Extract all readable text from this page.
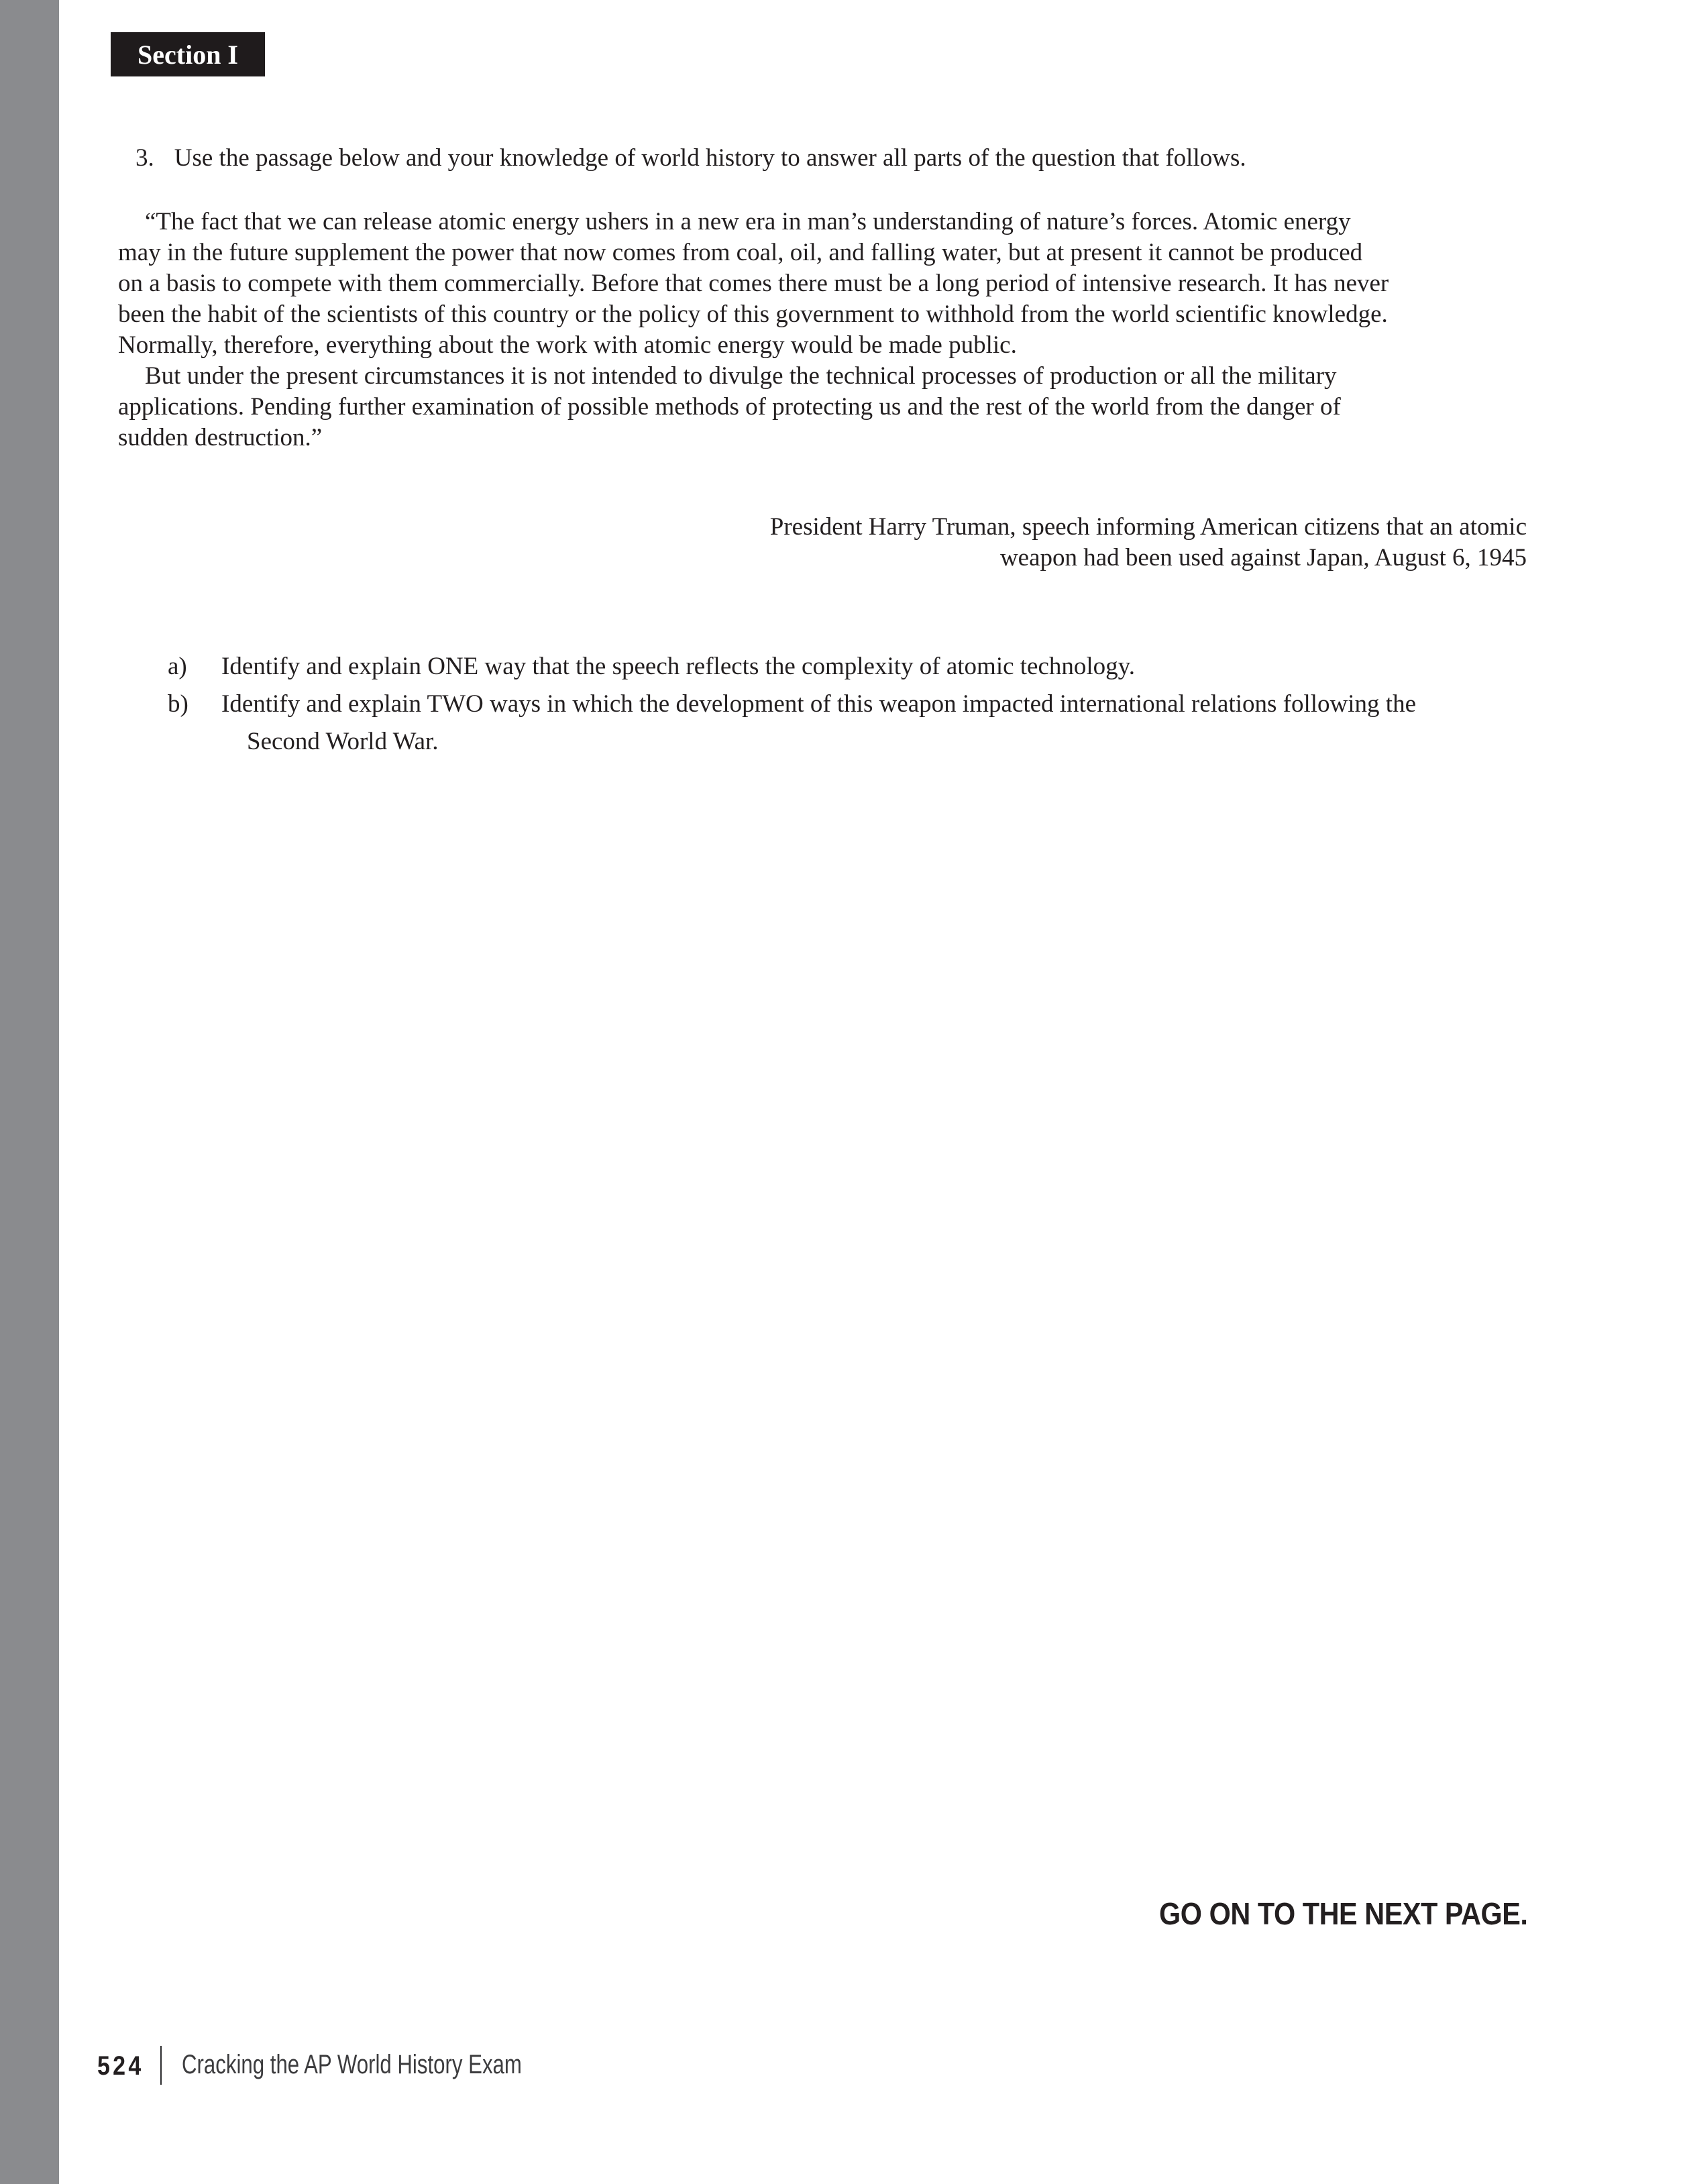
Section I
3. Use the passage below and your knowledge of world history to answer all parts of the question that follows.
“The fact that we can release atomic energy ushers in a new era in man’s understanding of nature’s forces. Atomic energy
may in the future supplement the power that now comes from coal, oil, and falling water, but at present it cannot be produced
on a basis to compete with them commercially. Before that comes there must be a long period of intensive research. It has never
been the habit of the scientists of this country or the policy of this government to withhold from the world scientific knowledge.
Normally, therefore, everything about the work with atomic energy would be made public.
But under the present circumstances it is not intended to divulge the technical processes of production or all the military
applications. Pending further examination of possible methods of protecting us and the rest of the world from the danger of
sudden destruction.”
President Harry Truman, speech informing American citizens that an atomic
weapon had been used against Japan, August 6, 1945
a)	Identify and explain ONE way that the speech reflects the complexity of atomic technology.
b)	Identify and explain TWO ways in which the development of this weapon impacted international relations following the
Second World War.
GO ON TO THE NEXT PAGE.
524 Cracking the AP World History Exam
